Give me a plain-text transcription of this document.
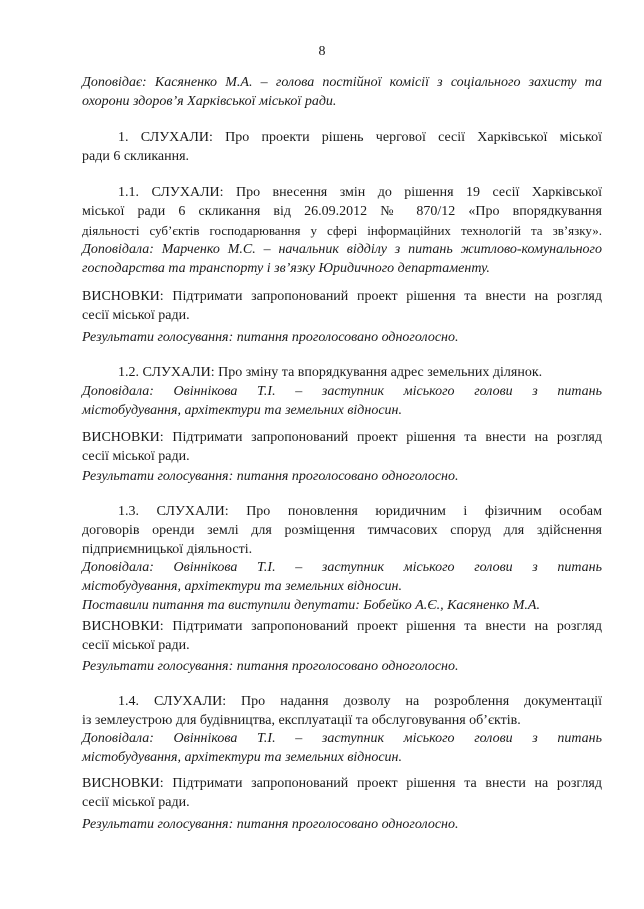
8

Доповідає: Касяненко М.А. – голова постійної комісії з соціального захисту та

охорони здоров’я Харківської міської ради.

1. СЛУХАЛИ: Про проекти рішень чергової сесії Харківської міської

ради 6 скликання.

1.1. СЛУХАЛИ: Про внесення змін до рішення 19 сесії Харківської

міської ради 6 скликання від 26.09.2012 № 870/12 «Про впорядкування

діяльності суб’єктів господарювання у сфері інформаційних технологій та зв’язку».

Доповідала: Марченко М.С. – начальник відділу з питань житлово-комунального

господарства та транспорту і зв’язку Юридичного департаменту.

ВИСНОВКИ: Підтримати запропонований проект рішення та внести на розгляд

сесії міської ради.

Результати голосування: питання проголосовано одноголосно.

1.2. СЛУХАЛИ: Про зміну та впорядкування адрес земельних ділянок.

Доповідала: Овіннікова Т.І. – заступник міського голови з питань

містобудування, архітектури та земельних відносин.

ВИСНОВКИ: Підтримати запропонований проект рішення та внести на розгляд

сесії міської ради.

Результати голосування: питання проголосовано одноголосно.

1.3. СЛУХАЛИ: Про поновлення юридичним і фізичним особам

договорів оренди землі для розміщення тимчасових споруд для здійснення

підприємницької діяльності.

Доповідала: Овіннікова Т.І. – заступник міського голови з питань

містобудування, архітектури та земельних відносин.

Поставили питання та виступили депутати: Бобейко А.Є., Касяненко М.А.

ВИСНОВКИ: Підтримати запропонований проект рішення та внести на розгляд

сесії міської ради.

Результати голосування: питання проголосовано одноголосно.

1.4. СЛУХАЛИ: Про надання дозволу на розроблення документації

із землеустрою для будівництва, експлуатації та обслуговування об’єктів.

Доповідала: Овіннікова Т.І. – заступник міського голови з питань

містобудування, архітектури та земельних відносин.

ВИСНОВКИ: Підтримати запропонований проект рішення та внести на розгляд

сесії міської ради.

Результати голосування: питання проголосовано одноголосно.
